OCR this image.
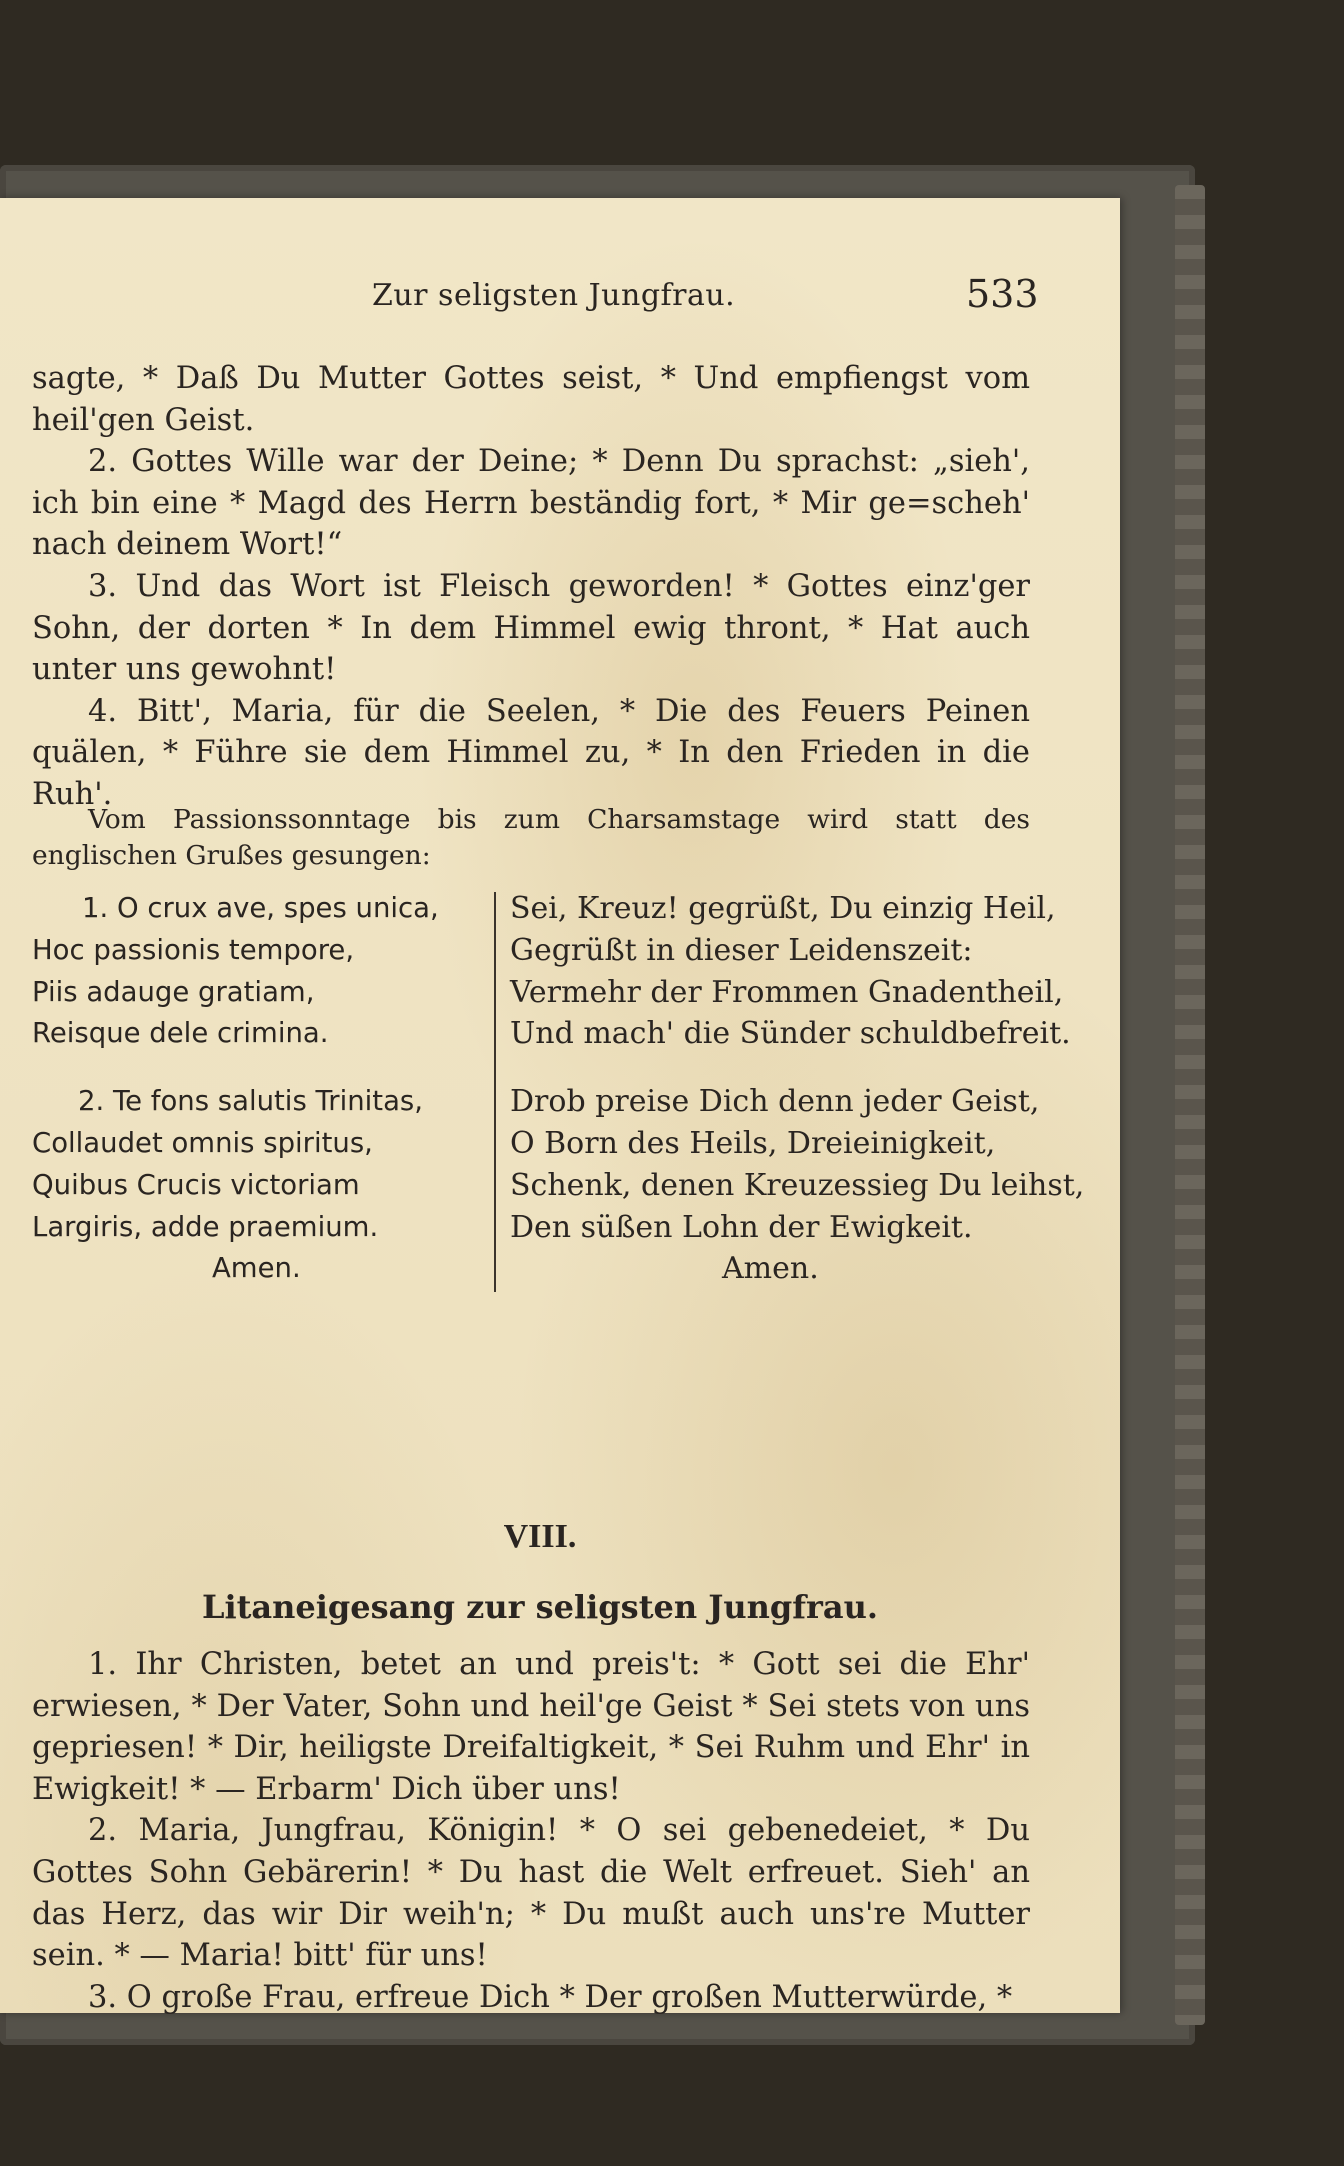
Zur seligsten Jungfrau.	533

sagte, * Daß Du Mutter Gottes seist, * Und empfiengst vom heil'gen Geist.

2. Gottes Wille war der Deine; * Denn Du sprachst: „sieh', ich bin eine * Magd des Herrn beständig fort, * Mir ge=scheh' nach deinem Wort!“

3. Und das Wort ist Fleisch geworden! * Gottes einz'ger Sohn, der dorten * In dem Himmel ewig thront, * Hat auch unter uns gewohnt!

4. Bitt', Maria, für die Seelen, * Die des Feuers Peinen quälen, * Führe sie dem Himmel zu, * In den Frieden in die Ruh'.

Vom Passionssonntage bis zum Charsamstage wird statt des englischen Grußes gesungen:

1. O crux ave, spes unica,
Hoc passionis tempore,
Piis adauge gratiam,
Reisque dele crimina.
2. Te fons salutis Trinitas,
Collaudet omnis spiritus,
Quibus Crucis victoriam
Largiris, adde praemium.
Amen.
Sei, Kreuz! gegrüßt, Du einzig Heil,
Gegrüßt in dieser Leidenszeit:
Vermehr der Frommen Gnadentheil,
Und mach' die Sünder schuldbefreit.
Drob preise Dich denn jeder Geist,
O Born des Heils, Dreieinigkeit,
Schenk, denen Kreuzessieg Du leihst,
Den süßen Lohn der Ewigkeit.
Amen.
VIII.
Litaneigesang zur seligsten Jungfrau.

1. Ihr Christen, betet an und preis't: * Gott sei die Ehr' erwiesen, * Der Vater, Sohn und heil'ge Geist * Sei stets von uns gepriesen! * Dir, heiligste Dreifaltigkeit, * Sei Ruhm und Ehr' in Ewigkeit! * — Erbarm' Dich über uns!

2. Maria, Jungfrau, Königin! * O sei gebenedeiet, * Du Gottes Sohn Gebärerin! * Du hast die Welt erfreuet. Sieh' an das Herz, das wir Dir weih'n; * Du mußt auch uns're Mutter sein. * — Maria! bitt' für uns!

3. O große Frau, erfreue Dich * Der großen Mutterwürde, *
